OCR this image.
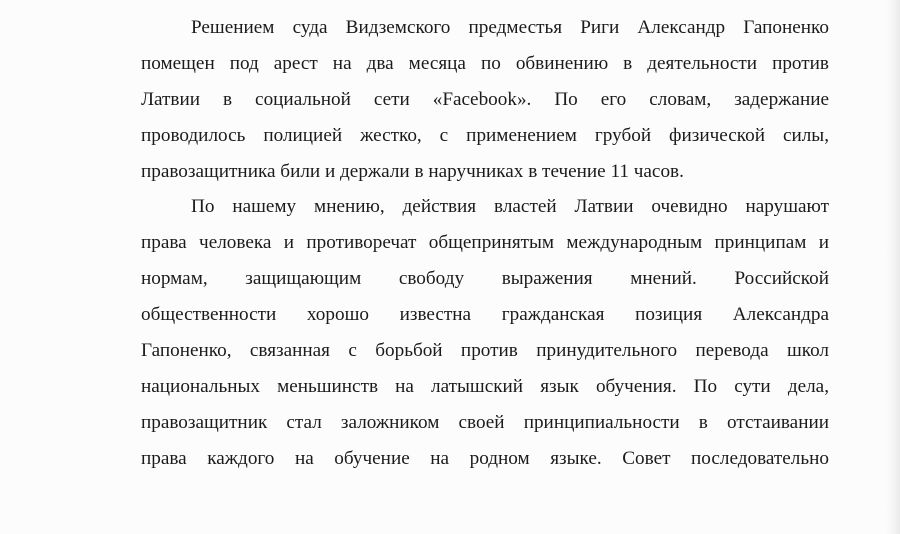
Решением суда Видземского предместья Риги Александр Гапоненко
помещен под арест на два месяца по обвинению в деятельности против
Латвии в социальной сети «Facebook». По его словам, задержание
проводилось полицией жестко, с применением грубой физической силы,
правозащитника били и держали в наручниках в течение 11 часов.
По нашему мнению, действия властей Латвии очевидно нарушают
права человека и противоречат общепринятым международным принципам и
нормам, защищающим свободу выражения мнений. Российской
общественности хорошо известна гражданская позиция Александра
Гапоненко, связанная с борьбой против принудительного перевода школ
национальных меньшинств на латышский язык обучения. По сути дела,
правозащитник стал заложником своей принципиальности в отстаивании
права каждого на обучение на родном языке. Совет последовательно
